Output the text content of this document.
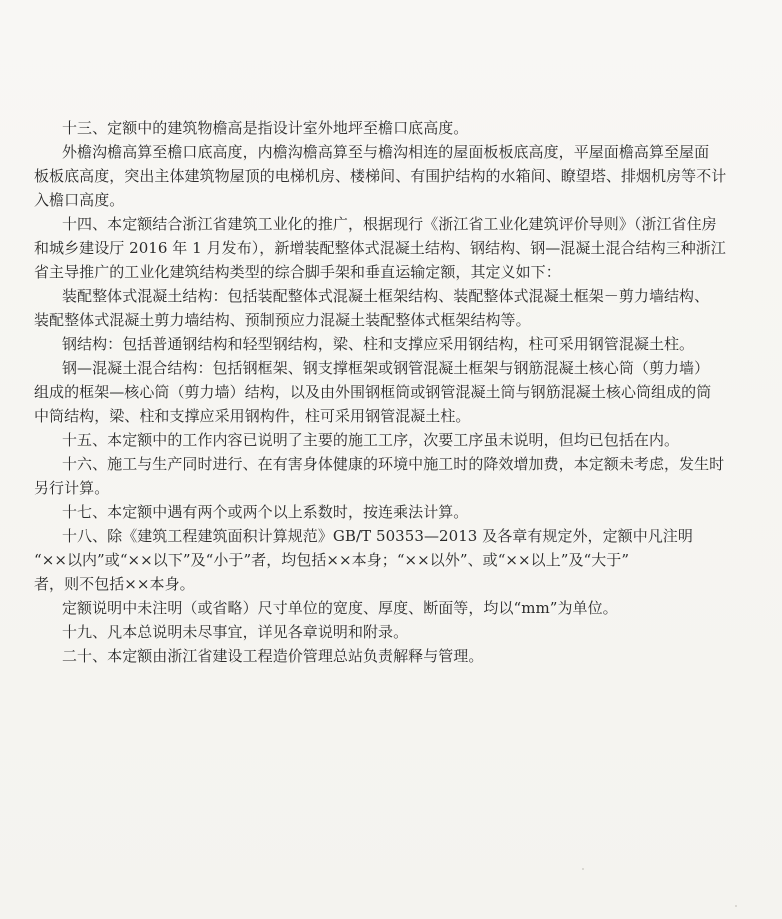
十三、定额中的建筑物檐高是指设计室外地坪至檐口底高度。

外檐沟檐高算至檐口底高度，内檐沟檐高算至与檐沟相连的屋面板板底高度，平屋面檐高算至屋面
板板底高度，突出主体建筑物屋顶的电梯机房、楼梯间、有围护结构的水箱间、瞭望塔、排烟机房等不计
入檐口高度。

十四、本定额结合浙江省建筑工业化的推广，根据现行《浙江省工业化建筑评价导则》（浙江省住房
和城乡建设厅 2016 年 1 月发布），新增装配整体式混凝土结构、钢结构、钢—混凝土混合结构三种浙江
省主导推广的工业化建筑结构类型的综合脚手架和垂直运输定额，其定义如下：

装配整体式混凝土结构：包括装配整体式混凝土框架结构、装配整体式混凝土框架－剪力墙结构、
装配整体式混凝土剪力墙结构、预制预应力混凝土装配整体式框架结构等。

钢结构：包括普通钢结构和轻型钢结构，梁、柱和支撑应采用钢结构，柱可采用钢管混凝土柱。

钢—混凝土混合结构：包括钢框架、钢支撑框架或钢管混凝土框架与钢筋混凝土核心筒（剪力墙）
组成的框架—核心筒（剪力墙）结构，以及由外围钢框筒或钢管混凝土筒与钢筋混凝土核心筒组成的筒
中筒结构，梁、柱和支撑应采用钢构件，柱可采用钢管混凝土柱。

十五、本定额中的工作内容已说明了主要的施工工序，次要工序虽未说明，但均已包括在内。

十六、施工与生产同时进行、在有害身体健康的环境中施工时的降效增加费，本定额未考虑，发生时
另行计算。

十七、本定额中遇有两个或两个以上系数时，按连乘法计算。

十八、除《建筑工程建筑面积计算规范》GB/T 50353—2013 及各章有规定外，定额中凡注明
“××以内”或“××以下”及“小于”者，均包括××本身；“××以外”、或“××以上”及“大于”
者，则不包括××本身。

定额说明中未注明（或省略）尺寸单位的宽度、厚度、断面等，均以“mm”为单位。

十九、凡本总说明未尽事宜，详见各章说明和附录。

二十、本定额由浙江省建设工程造价管理总站负责解释与管理。
